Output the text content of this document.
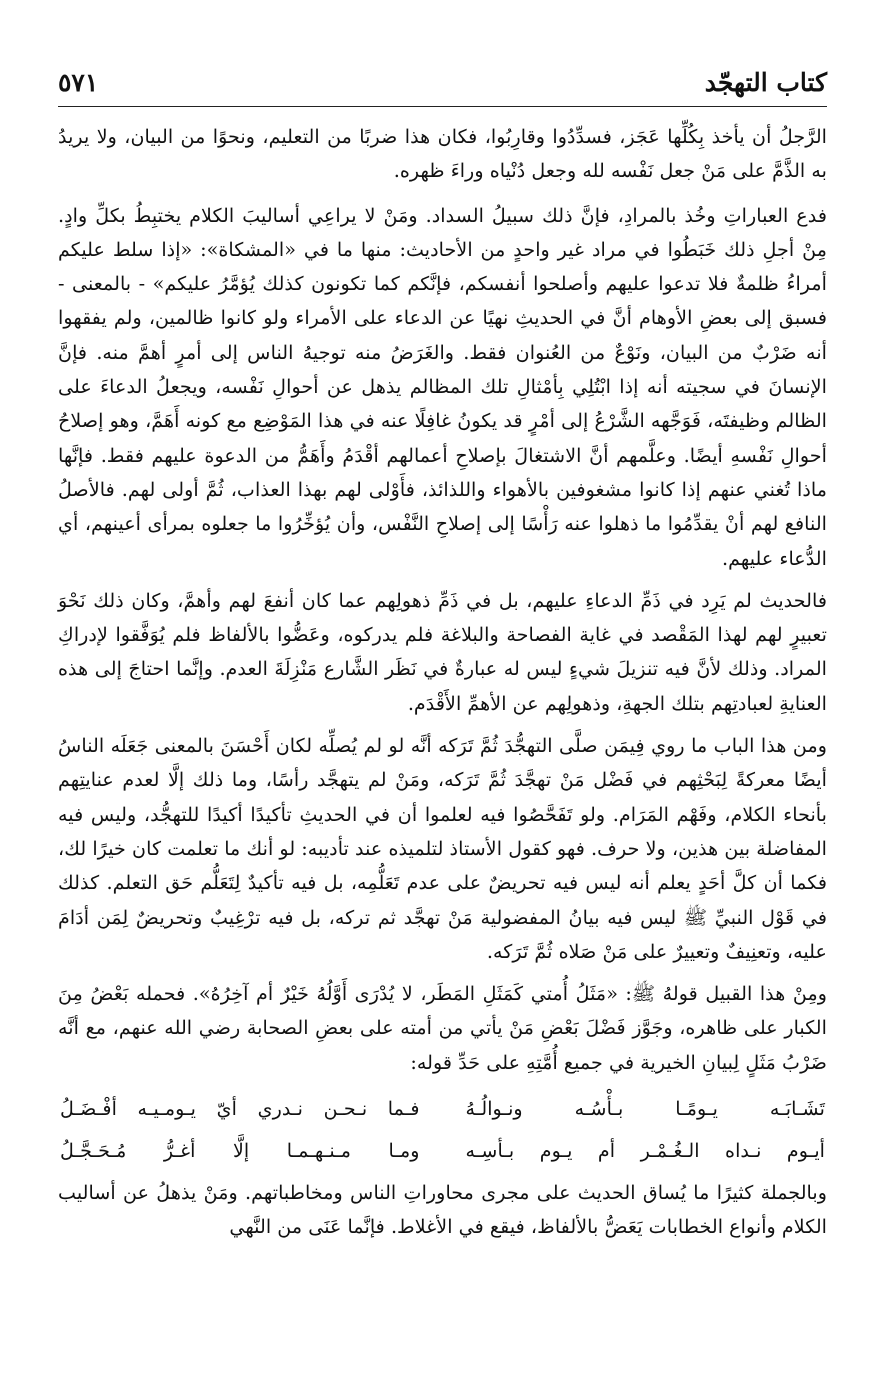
كتاب التهجّد
٥٧١

الرَّجلُ أن يأخذ بِكُلِّها عَجَز، فسدِّدُوا وقارِبُوا، فكان هذا ضربًا من التعليم، ونحوًا من البيان، ولا يريدُ به الذَّمَّ على مَنْ جعل نَفْسه لله وجعل دُنْياه وراءَ ظهره.

فدع العباراتِ وخُذ بالمرادِ، فإنَّ ذلك سبيلُ السداد. ومَنْ لا يراعِي أساليبَ الكلام يختبِطُ بكلِّ وادٍ. مِنْ أجلِ ذلك خَبَطُوا في مراد غير واحدٍ من الأحاديث: منها ما في «المشكاة»: «إذا سلط عليكم أمراءُ ظلمةٌ فلا تدعوا عليهم وأصلحوا أنفسكم، فإنَّكم كما تكونون كذلك يُؤمَّرُ عليكم» - بالمعنى - فسبق إلى بعضِ الأوهام أنَّ في الحديثِ نهيًا عن الدعاء على الأمراء ولو كانوا ظالمين، ولم يفقهوا أنه ضَرْبٌ من البيان، ونَوْعٌ من العُنوان فقط. والغَرَضُ منه توجيهُ الناس إلى أمرٍ أهمَّ منه. فإنَّ الإنسانَ في سجيته أنه إذا ابْتُلِي بِأمْثالِ تلك المظالم يذهل عن أحوالِ نَفْسه، ويجعلُ الدعاءَ على الظالم وظيفتَه، فَوَجَّهه الشَّرْعُ إلى أمْرٍ قد يكونُ غافِلًا عنه في هذا المَوْضِع مع كونه أَهَمَّ، وهو إصلاحُ أحوالِ نَفْسهِ أيضًا. وعلَّمهم أنَّ الاشتغالَ بإصلاحِ أعمالهم أقْدَمُ وأَهَمُّ من الدعوة عليهم فقط. فإنَّها ماذا تُغني عنهم إذا كانوا مشغوفين بالأهواء واللذائذ، فأَوْلى لهم بهذا العذاب، ثُمَّ أولى لهم. فالأصلُ النافع لهم أنْ يقدِّمُوا ما ذهلوا عنه رَأْسًا إلى إصلاحِ النَّفْس، وأن يُؤخِّرُوا ما جعلوه بمرأى أعينهم، أي الدُّعاء عليهم.

فالحديث لم يَرِد في ذَمِّ الدعاءِ عليهم، بل في ذَمِّ ذهولِهم عما كان أنفعَ لهم وأهمَّ، وكان ذلك نَحْوَ تعبيرٍ لهم لهذا المَقْصد في غاية الفصاحة والبلاغة فلم يدركوه، وعَضُّوا بالألفاظ فلم يُوَفَّقوا لإدراكِ المراد. وذلك لأنَّ فيه تنزيلَ شيءٍ ليس له عبارةٌ في نَظَر الشَّارع مَنْزِلَةَ العدم. وإنَّما احتاجَ إلى هذه العنايةِ لعبادتِهم بتلك الجهةِ، وذهولِهم عن الأهمِّ الأَقْدَم.

ومن هذا الباب ما روي فِيمَن صلَّى التهجُّدَ ثُمَّ تَرَكه أنَّه لو لم يُصلِّه لكان أَحْسَنَ بالمعنى جَعَلَه الناسُ أيضًا معركةً لِبَحْثِهم في فَضْل مَنْ تهجَّدَ ثُمَّ تَرَكه، ومَنْ لم يتهجَّد رأسًا، وما ذلك إلَّا لعدم عنايتِهم بأنحاء الكلام، وفَهْم المَرَام. ولو تَفَحَّصُوا فيه لعلموا أن في الحديثِ تأكيدًا أكيدًا للتهجُّد، وليس فيه المفاضلة بين هذين، ولا حرف. فهو كقول الأستاذ لتلميذه عند تأديبه: لو أنك ما تعلمت كان خيرًا لك، فكما أن كلَّ أحَدٍ يعلم أنه ليس فيه تحريضٌ على عدم تَعَلُّمِه، بل فيه تأكيدٌ لِتَعَلُّم حَق التعلم. كذلك في قَوْل النبيِّ ﷺ ليس فيه بيانُ المفضولية مَنْ تهجَّد ثم تركه، بل فيه ترْغِيبٌ وتحريضٌ لِمَن أدَامَ عليه، وتعنِيفٌ وتعييرٌ على مَنْ صَلاه ثُمَّ تَرَكه.

ومِنْ هذا القبيل قولهُ ﷺ: «مَثَلُ أُمتي كَمَثَلِ المَطَر، لا يُدْرَى أَوَّلُهُ خَيْرٌ أم آخِرُهُ». فحمله بَعْضُ مِنَ الكبار على ظاهره، وجَوَّز فَضْلَ بَعْضِ مَنْ يأتي من أمته على بعضِ الصحابة رضي الله عنهم، مع أنَّه ضَرْبُ مَثَلٍ لِبيانِ الخيرية في جميع أُمَّتِهِ على حَدِّ قوله:

تَشَـابَـه يـومًـا بـأْسُـه ونـوالُـهُ
فـما نـحـن نـدري أيّ يـومـيـه أفْـضَـلُ
أيـوم نـداه الـغُـمْـر أم يـوم بـأسِـه
ومـا مـنـهـمـا إلَّا أغـرُّ مُـحَـجَّـلُ

وبالجملة كثيرًا ما يُساق الحديث على مجرى محاوراتِ الناس ومخاطباتهم. ومَنْ يذهلُ عن أساليب الكلام وأنواع الخطابات يَعَضُّ بالألفاظ، فيقع في الأغلاط. فإنَّما عَنَى من النَّهي
